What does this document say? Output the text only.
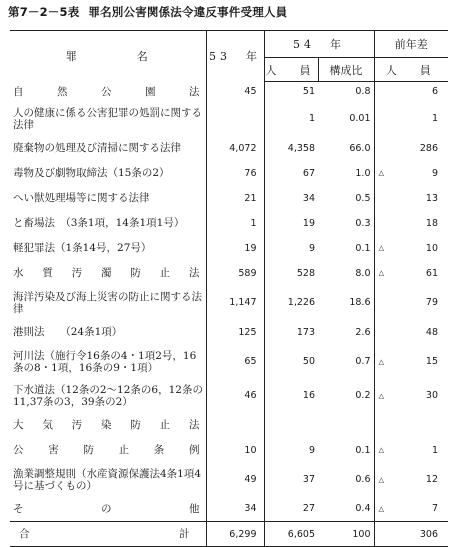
第7－2－5表 罪名別公害関係法令違反事件受理人員
罪 名	53　年	54　年		前年差	
		人　員	構成比	人　員	

自然公園法	45	51	0.8		6
人の健康に係る公害犯罪の処罰に関する法律		1	0.01		1
廃棄物の処理及び清掃に関する法律	4,072	4,358	66.0		286
毒物及び劇物取締法（15条の2）	76	67	1.0	△	9
へい獣処理場等に関する法律	21	34	0.5		13
と畜場法　（3条1項，14条1項1号）	1	19	0.3		18
軽犯罪法（1条14号，27号）	19	9	0.1	△	10

水質汚濁防止法	589	528	8.0	△	61
海洋汚染及び海上災害の防止に関する法律	1,147	1,226	18.6		79
港則法　　（24条1項）	125	173	2.6		48
河川法（施行令16条の4・1項2号，16条の8・1項，16条の9・1項）	65	50	0.7	△	15
下水道法（12条の2～12条の6，12条の11,37条の3，39条の2）	46	16	0.2	△	30

大気汚染防止法					

公害防止条例	10	9	0.1	△	1
漁業調整規則（水産資源保護法4条1項4号に基づくもの）	49	37	0.6	△	12

その他	34	27	0.4	△	7

合計	6,299	6,605	100		306
